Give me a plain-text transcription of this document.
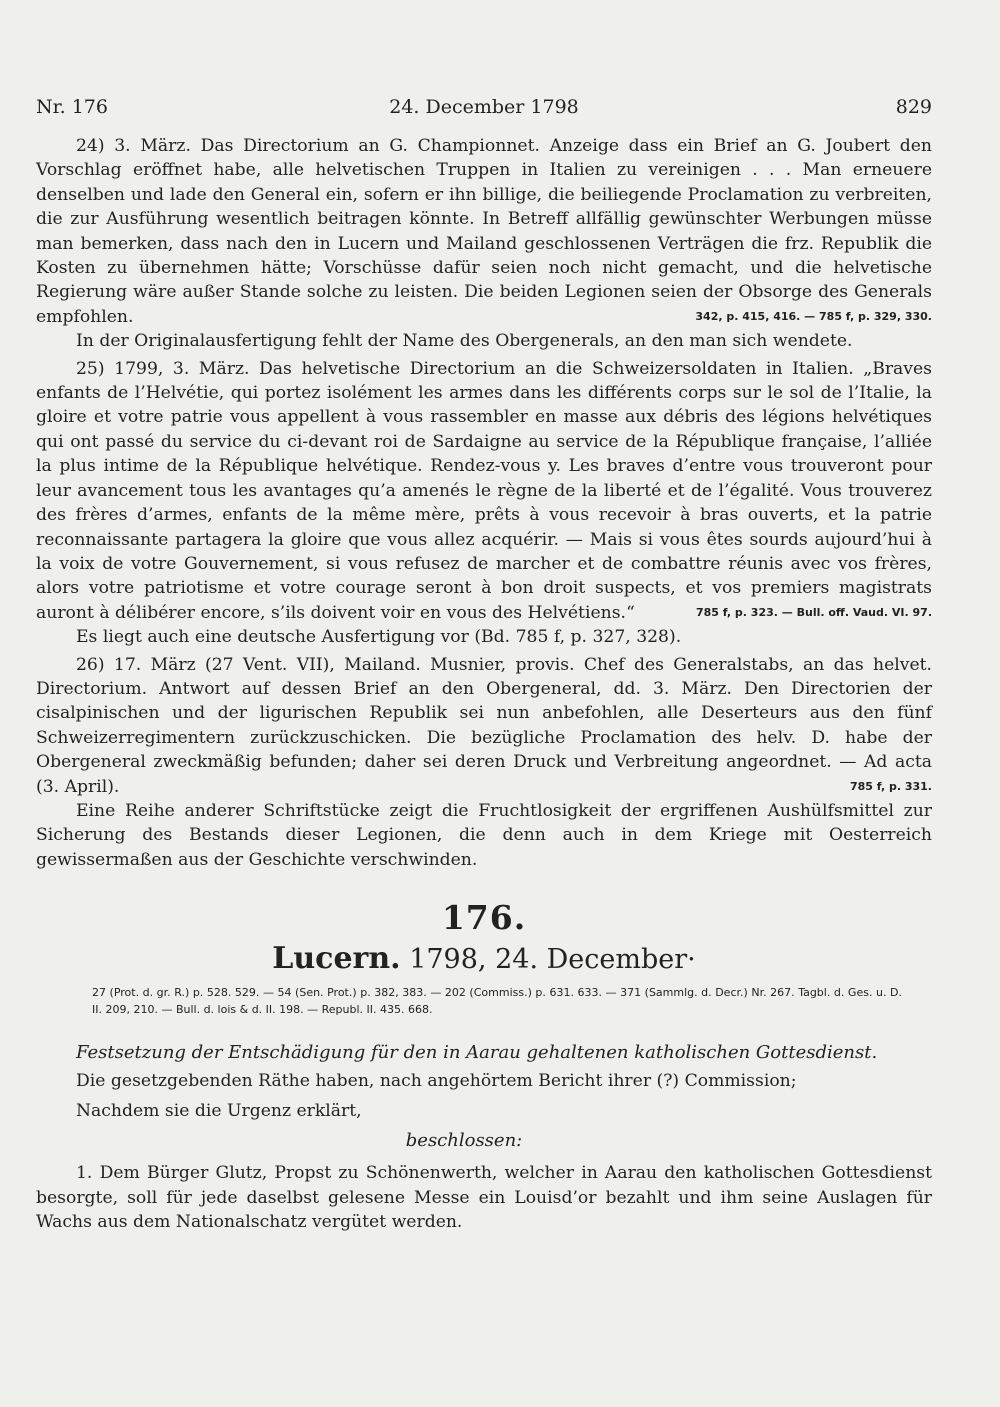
Nr. 176	24. December 1798	829

24) 3. März. Das Directorium an G. Championnet. Anzeige dass ein Brief an G. Joubert den Vorschlag eröffnet habe, alle helvetischen Truppen in Italien zu vereinigen . . . Man erneuere denselben und lade den General ein, sofern er ihn billige, die beiliegende Proclamation zu verbreiten, die zur Ausführung wesentlich beitragen könnte. In Betreff allfällig gewünschter Werbungen müsse man bemerken, dass nach den in Lucern und Mailand geschlossenen Verträgen die frz. Republik die Kosten zu übernehmen hätte; Vorschüsse dafür seien noch nicht gemacht, und die helvetische Regierung wäre außer Stande solche zu leisten. Die beiden Legionen seien der Obsorge des Generals empfohlen.	342, p. 415, 416. — 785 f, p. 329, 330.

In der Originalausfertigung fehlt der Name des Obergenerals, an den man sich wendete.

25) 1799, 3. März. Das helvetische Directorium an die Schweizersoldaten in Italien. „Braves enfants de l’Helvétie, qui portez isolément les armes dans les différents corps sur le sol de l’Italie, la gloire et votre patrie vous appellent à vous rassembler en masse aux débris des légions helvétiques qui ont passé du service du ci-devant roi de Sardaigne au service de la République française, l’alliée la plus intime de la République helvétique. Rendez-vous y. Les braves d’entre vous trouveront pour leur avancement tous les avantages qu’a amenés le règne de la liberté et de l’égalité. Vous trouverez des frères d’armes, enfants de la même mère, prêts à vous recevoir à bras ouverts, et la patrie reconnaissante partagera la gloire que vous allez acquérir. — Mais si vous êtes sourds aujourd’hui à la voix de votre Gouvernement, si vous refusez de marcher et de combattre réunis avec vos frères, alors votre patriotisme et votre courage seront à bon droit suspects, et vos premiers magistrats auront à délibérer encore, s’ils doivent voir en vous des Helvétiens.“	785 f, p. 323. — Bull. off. Vaud. VI. 97.

Es liegt auch eine deutsche Ausfertigung vor (Bd. 785 f, p. 327, 328).

26) 17. März (27 Vent. VII), Mailand. Musnier, provis. Chef des Generalstabs, an das helvet. Directorium. Antwort auf dessen Brief an den Obergeneral, dd. 3. März. Den Directorien der cisalpinischen und der ligurischen Republik sei nun anbefohlen, alle Deserteurs aus den fünf Schweizerregimentern zurückzuschicken. Die bezügliche Proclamation des helv. D. habe der Obergeneral zweckmäßig befunden; daher sei deren Druck und Verbreitung angeordnet. — Ad acta (3. April).	785 f, p. 331.

Eine Reihe anderer Schriftstücke zeigt die Fruchtlosigkeit der ergriffenen Aushülfsmittel zur Sicherung des Bestands dieser Legionen, die denn auch in dem Kriege mit Oesterreich gewissermaßen aus der Geschichte verschwinden.

176.
Lucern. 1798, 24. December·
27 (Prot. d. gr. R.) p. 528. 529. — 54 (Sen. Prot.) p. 382, 383. — 202 (Commiss.) p. 631. 633. — 371 (Sammlg. d. Decr.) Nr. 267. Tagbl. d. Ges. u. D. II. 209, 210. — Bull. d. lois & d. II. 198. — Republ. II. 435. 668.
Festsetzung der Entschädigung für den in Aarau gehaltenen katholischen Gottesdienst.

Die gesetzgebenden Räthe haben, nach angehörtem Bericht ihrer (?) Commission;

Nachdem sie die Urgenz erklärt,

beschlossen:

1. Dem Bürger Glutz, Propst zu Schönenwerth, welcher in Aarau den katholischen Gottesdienst besorgte, soll für jede daselbst gelesene Messe ein Louisd’or bezahlt und ihm seine Auslagen für Wachs aus dem Nationalschatz vergütet werden.
